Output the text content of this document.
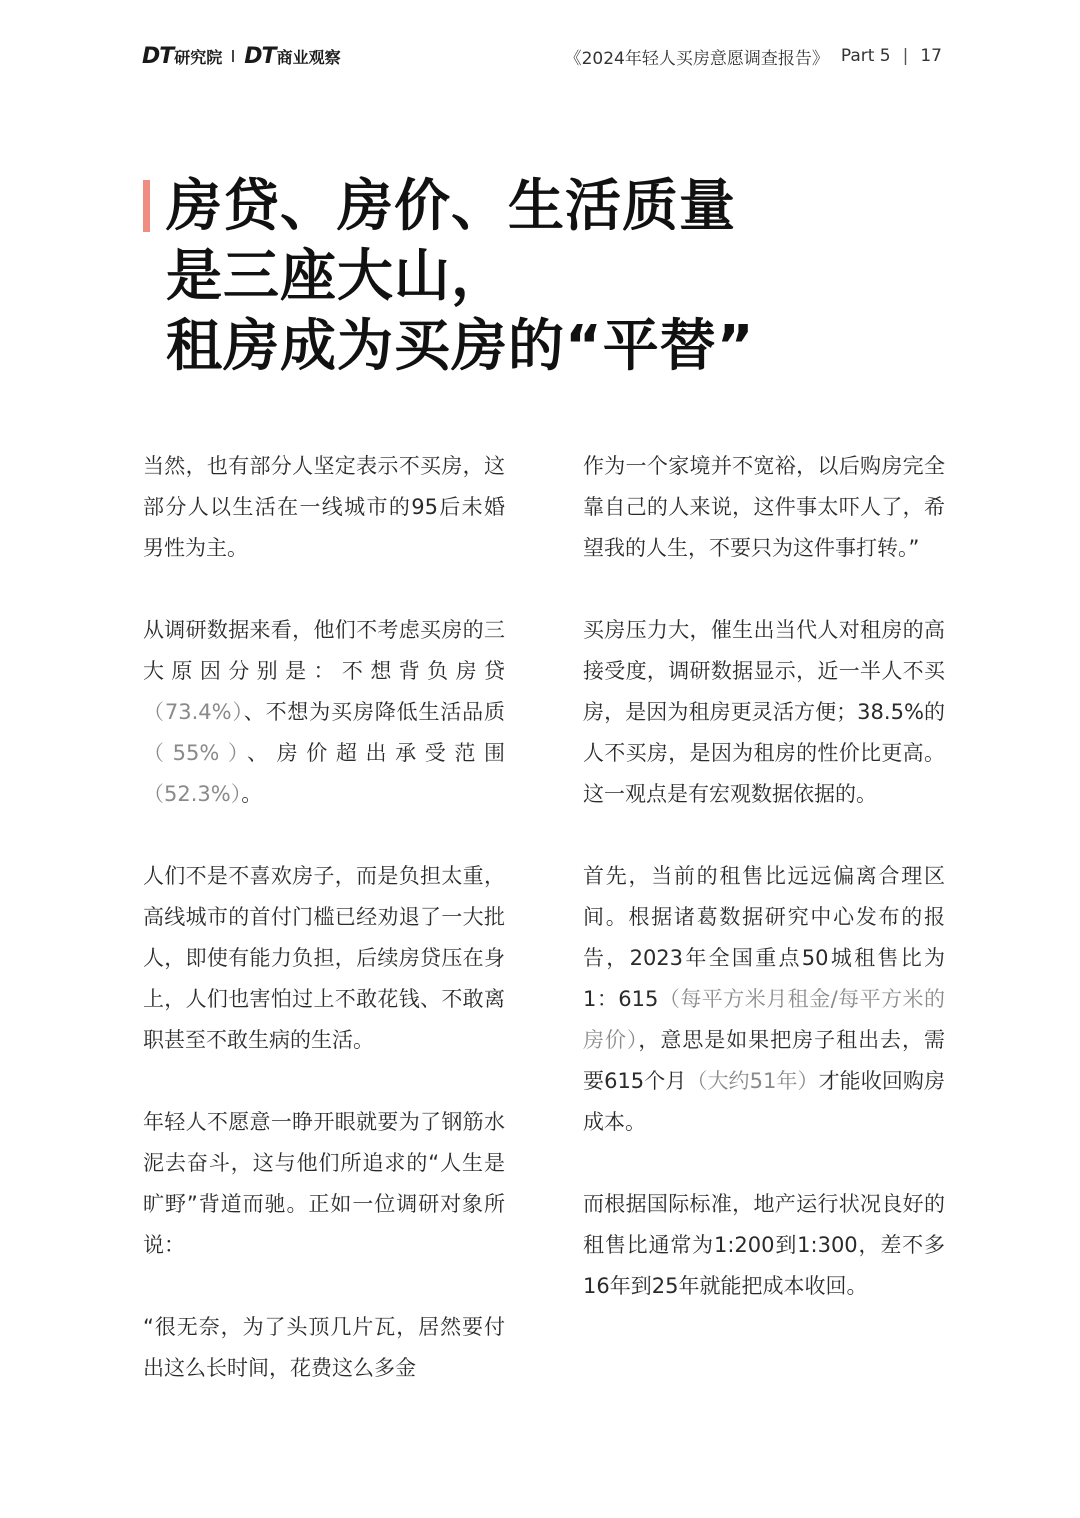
DT 研究院 DT 商业观察	《2024年轻人买房意愿调查报告》 Part 5 | 17
房贷、房价、生活质量
是三座大山，
租房成为买房的“平替”

当然，也有部分人坚定表示不买房，这部分人以生活在一线城市的95后未婚男性为主。

从调研数据来看，他们不考虑买房的三大原因分别是：不想背负房贷（73.4%）、不想为买房降低生活品质（55%）、房价超出承受范围（52.3%）。

人们不是不喜欢房子，而是负担太重，高线城市的首付门槛已经劝退了一大批人，即使有能力负担，后续房贷压在身上，人们也害怕过上不敢花钱、不敢离职甚至不敢生病的生活。

年轻人不愿意一睁开眼就要为了钢筋水泥去奋斗，这与他们所追求的“人生是旷野”背道而驰。正如一位调研对象所说：

“很无奈，为了头顶几片瓦，居然要付出这么长时间，花费这么多金

作为一个家境并不宽裕，以后购房完全靠自己的人来说，这件事太吓人了，希望我的人生，不要只为这件事打转。”

买房压力大，催生出当代人对租房的高接受度，调研数据显示，近一半人不买房，是因为租房更灵活方便；38.5%的人不买房，是因为租房的性价比更高。这一观点是有宏观数据依据的。

首先，当前的租售比远远偏离合理区间。根据诸葛数据研究中心发布的报告，2023年全国重点50城租售比为1：615（每平方米月租金/每平方米的房价），意思是如果把房子租出去，需要615个月（大约51年）才能收回购房成本。

而根据国际标准，地产运行状况良好的租售比通常为1:200到1:300，差不多16年到25年就能把成本收回。
